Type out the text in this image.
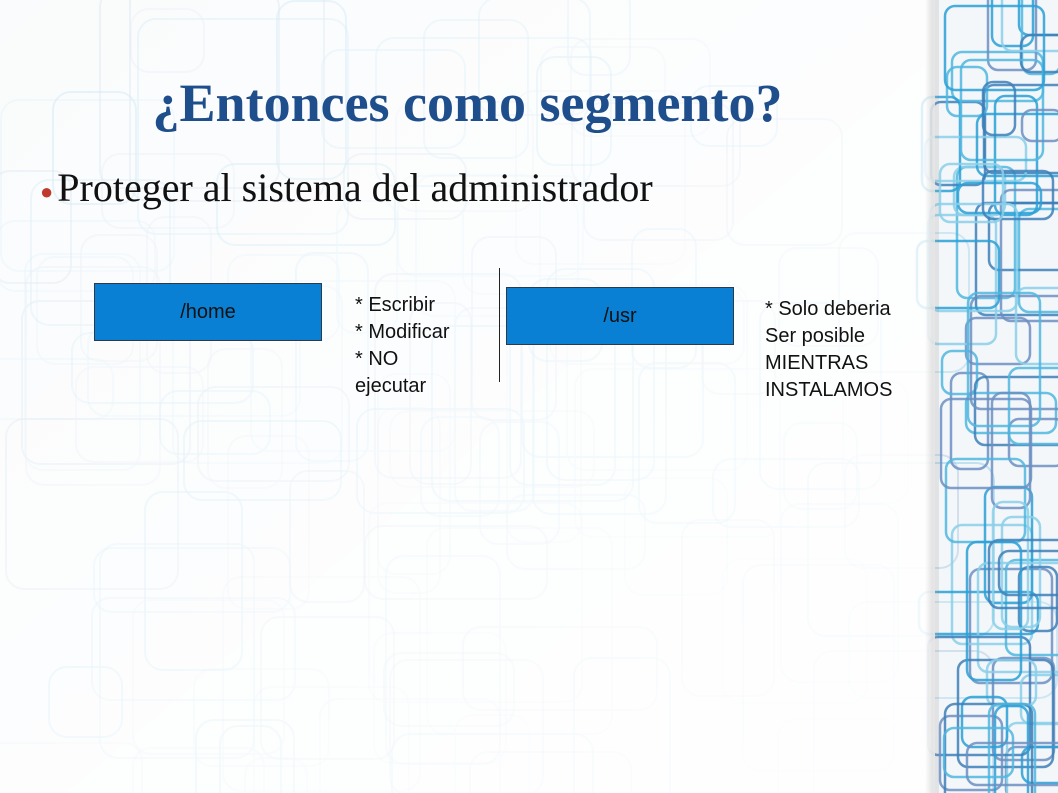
¿Entonces como segmento?
● Proteger al sistema del administrador
/home	* Escribir
* Modificar
* NO
ejecutar
/usr	* Solo deberia
Ser posible
MIENTRAS
INSTALAMOS
